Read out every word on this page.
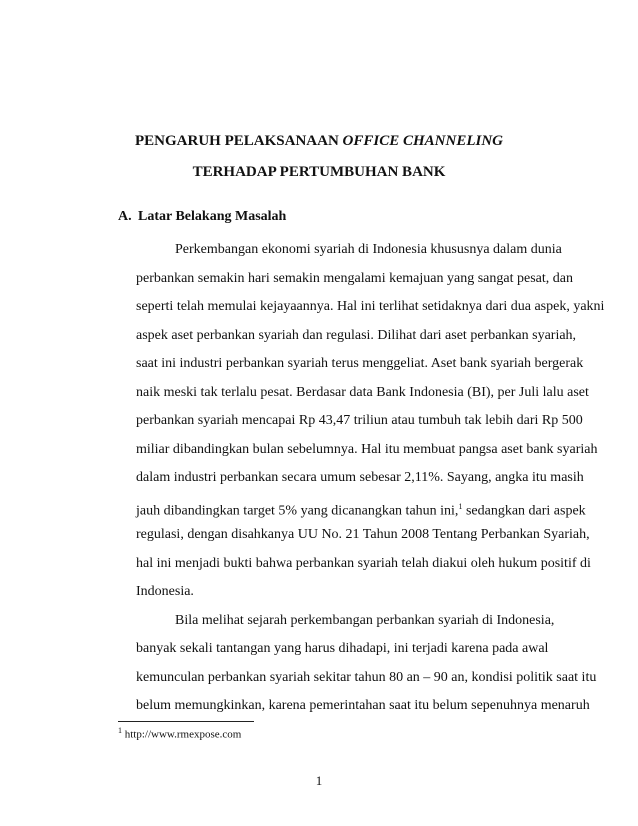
PENGARUH PELAKSANAAN OFFICE CHANNELING
TERHADAP PERTUMBUHAN BANK
A. Latar Belakang Masalah
Perkembangan ekonomi syariah di Indonesia khususnya dalam dunia
perbankan semakin hari semakin mengalami kemajuan yang sangat pesat, dan
seperti telah memulai kejayaannya. Hal ini terlihat setidaknya dari dua aspek, yakni
aspek aset perbankan syariah dan regulasi. Dilihat dari aset perbankan syariah,
saat ini industri perbankan syariah terus menggeliat. Aset bank syariah bergerak
naik meski tak terlalu pesat. Berdasar data Bank Indonesia (BI), per Juli lalu aset
perbankan syariah mencapai Rp 43,47 triliun atau tumbuh tak lebih dari Rp 500
miliar dibandingkan bulan sebelumnya. Hal itu membuat pangsa aset bank syariah
dalam industri perbankan secara umum sebesar 2,11%. Sayang, angka itu masih
jauh dibandingkan target 5% yang dicanangkan tahun ini,$^1$ sedangkan dari aspek
regulasi, dengan disahkanya UU No. 21 Tahun 2008 Tentang Perbankan Syariah,
hal ini menjadi bukti bahwa perbankan syariah telah diakui oleh hukum positif di
Indonesia.
Bila melihat sejarah perkembangan perbankan syariah di Indonesia,
banyak sekali tantangan yang harus dihadapi, ini terjadi karena pada awal
kemunculan perbankan syariah sekitar tahun 80 an – 90 an, kondisi politik saat itu
belum memungkinkan, karena pemerintahan saat itu belum sepenuhnya menaruh
$^1$ http://www.rmexpose.com
1
